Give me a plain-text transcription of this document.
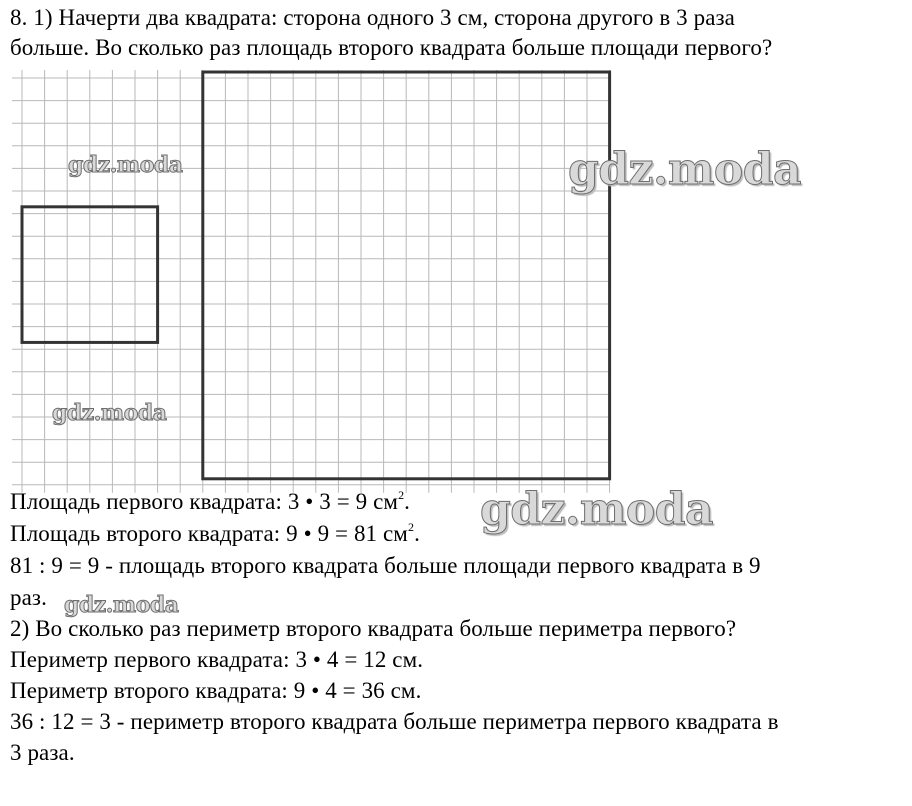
8. 1) Начерти два квадрата: сторона одного 3 см, сторона другого в 3 раза
больше. Во сколько раз площадь второго квадрата больше площади первого?
Площадь первого квадрата: 3 • 3 = 9 $см^2$.
Площадь второго квадрата: 9 • 9 = 81 $см^2$.
81 : 9 = 9 - площадь второго квадрата больше площади первого квадрата в 9
раз.
2) Во сколько раз периметр второго квадрата больше периметра первого?
Периметр первого квадрата: 3 • 4 = 12 см.
Периметр второго квадрата: 9 • 4 = 36 см.
36 : 12 = 3 - периметр второго квадрата больше периметра первого квадрата в
3 раза.
gdz.moda	gdz.moda
gdz.moda
gdz.moda
gdz.moda
